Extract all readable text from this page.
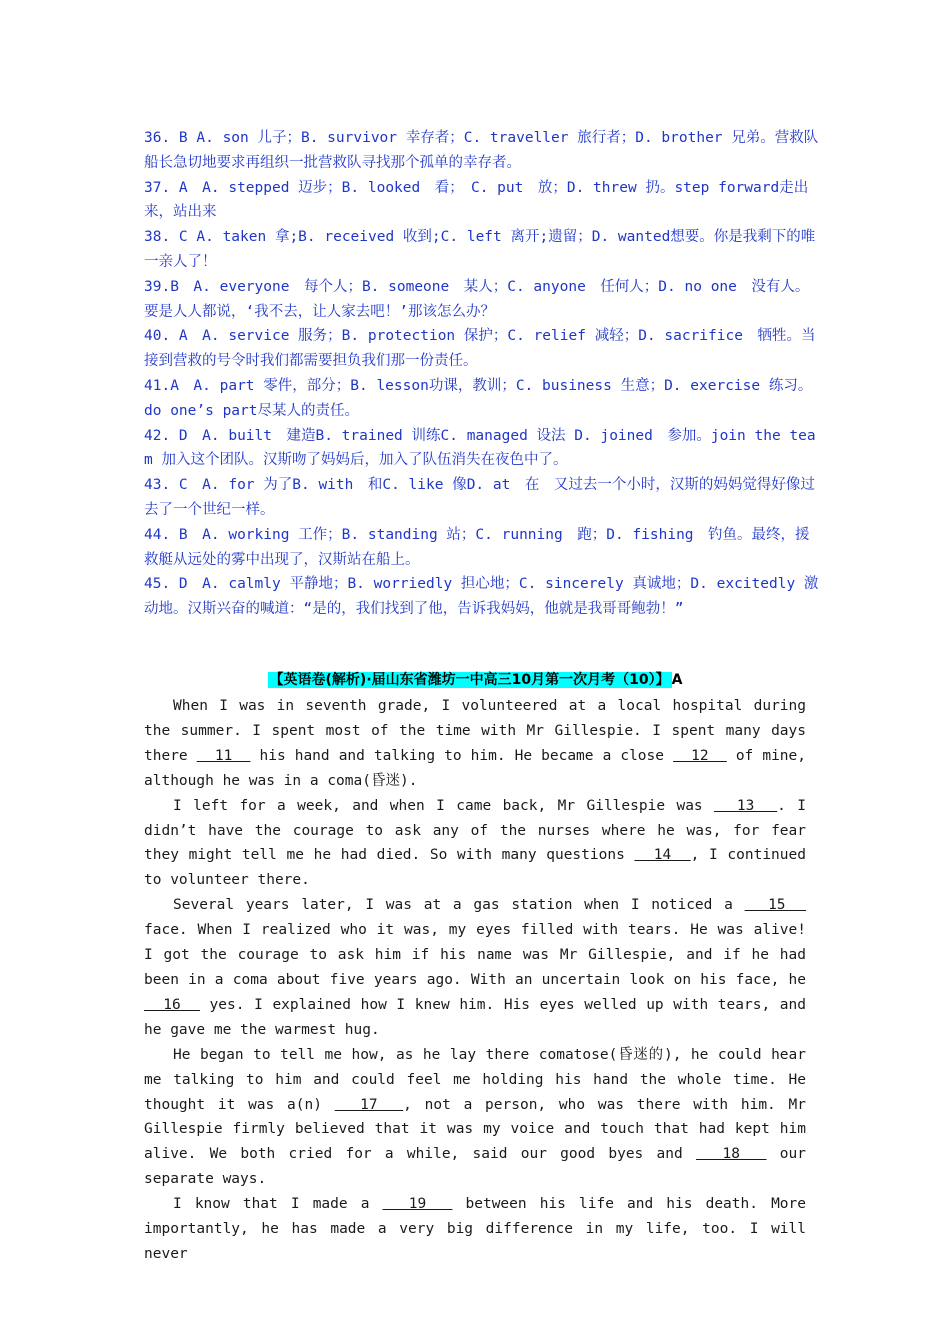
36. B A. son 儿子；B. survivor 幸存者；C. traveller 旅行者；D. brother 兄弟。营救队船长急切地要求再组织一批营救队寻找那个孤单的幸存者。

37. A　A. stepped 迈步；B. looked　看；　C. put　放；D. threw 扔。step forward走出来，站出来

38. C A. taken 拿;B. received 收到;C. left 离开;遗留；D. wanted想要。你是我剩下的唯一亲人了！

39.B　A. everyone　每个人；B. someone　某人；C. anyone　任何人；D. no one　没有人。要是人人都说，‘我不去，让人家去吧！’那该怎么办？

40. A　A. service 服务；B. protection 保护；C. relief 减轻；D. sacrifice　牺牲。当接到营救的号令时我们都需要担负我们那一份责任。

41.A　A. part 零件，部分；B. lesson功课，教训；C. business 生意；D. exercise 练习。do one’s part尽某人的责任。

42. D　A. built　建造B. trained 训练C. managed 设法 D. joined　参加。join the team 加入这个团队。汉斯吻了妈妈后，加入了队伍消失在夜色中了。

43. C　A. for 为了B. with　和C. like 像D. at　在　又过去一个小时，汉斯的妈妈觉得好像过去了一个世纪一样。

44. B　A. working 工作；B. standing 站；C. running　跑；D. fishing　钓鱼。最终，援救艇从远处的雾中出现了，汉斯站在船上。

45. D　A. calmly 平静地；B. worriedly 担心地；C. sincerely 真诚地；D. excitedly 激动地。汉斯兴奋的喊道：“是的，我们找到了他，告诉我妈妈，他就是我哥哥鲍勃！”

【英语卷(解析)·届山东省潍坊一中高三10月第一次月考（10）】 A

When I was in seventh grade, I volunteered at a local hospital during the summer. I spent most of the time with Mr Gillespie. I spent many days there   11   his hand and talking to him. He became a close   12   of mine, although he was in a coma(昏迷).

I left for a week, and when I came back, Mr Gillespie was   13  . I didn’t have the courage to ask any of the nurses where he was, for fear they might tell me he had died. So with many questions   14  , I continued to volunteer there.

Several years later, I was at a gas station when I noticed a   15   face. When I realized who it was, my eyes filled with tears. He was alive! I got the courage to ask him if his name was Mr Gillespie, and if he had been in a coma about five years ago. With an uncertain look on his face, he   16   yes. I explained how I knew him. His eyes welled up with tears, and he gave me the warmest hug.

He began to tell me how, as he lay there comatose(昏迷的), he could hear me talking to him and could feel me holding his hand the whole time. He thought it was a(n)   17  , not a person, who was there with him. Mr Gillespie firmly believed that it was my voice and touch that had kept him alive. We both cried for a while, said our good byes and   18   our separate ways.

I know that I made a   19   between his life and his death. More importantly, he has made a very big difference in my life, too. I will never
